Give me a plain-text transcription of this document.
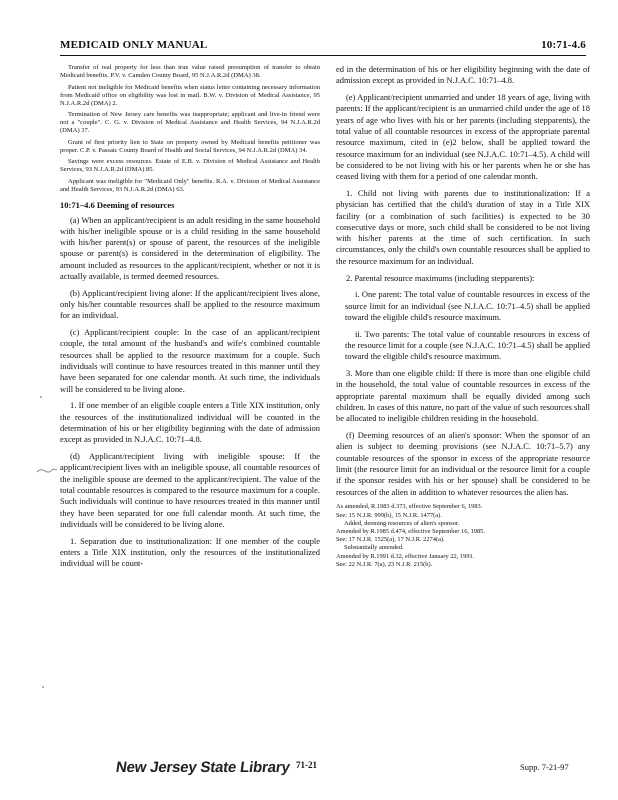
MEDICAID ONLY MANUAL	10:71-4.6

Transfer of real property for less than true value raised presumption of transfer to obtain Medicaid benefits. P.V. v. Camden County Board, 95 N.J.A.R.2d (DMA) 38.

Patient not ineligible for Medicaid benefits when status letter containing necessary information from Medicaid office on eligibility was lost in mail. B.W. v. Division of Medical Assistance, 95 N.J.A.R.2d (DMA) 2.

Termination of New Jersey care benefits was inappropriate; applicant and live-in friend were not a "couple". C. G. v. Division of Medical Assistance and Health Services, 94 N.J.A.R.2d (DMA) 37.

Grant of first priority lien to State on property owned by Medicaid benefits petitioner was proper. C.P. v. Passaic County Board of Health and Social Services, 94 N.J.A.R.2d (DMA) 34.

Savings were excess resources. Estate of E.B. v. Division of Medical Assistance and Health Services, 93 N.J.A.R.2d (DMA) 85.

Applicant was ineligible for "Medicaid Only" benefits. R.A. v. Division of Medical Assistance and Health Services, 93 N.J.A.R.2d (DMA) 63.

10:71–4.6 Deeming of resources

(a) When an applicant/recipient is an adult residing in the same household with his/her ineligible spouse or is a child residing in the same household with his/her parent(s) or spouse of parent, the resources of the ineligible spouse or parent(s) is considered in the determination of eligibility. The amount included as resources to the applicant/recipient, whether or not it is actually available, is termed deemed resources.

(b) Applicant/recipient living alone: If the applicant/recipient lives alone, only his/her countable resources shall be applied to the resource maximum for an individual.

(c) Applicant/recipient couple: In the case of an applicant/recipient couple, the total amount of the husband's and wife's combined countable resources shall be applied to the resource maximum for a couple. Such individuals will continue to have resources treated in this manner until they have been separated for one calendar month. At such time, the individuals will be considered to be living alone.

1. If one member of an eligible couple enters a Title XIX institution, only the resources of the institutionalized individual will be counted in the determination of his or her eligibility beginning with the date of admission except as provided in N.J.A.C. 10:71–4.8.

(d) Applicant/recipient living with ineligible spouse: If the applicant/recipient lives with an ineligible spouse, all countable resources of the ineligible spouse are deemed to the applicant/recipient. The value of the total countable resources is compared to the resource maximum for a couple. Such individuals will continue to have resources treated in this manner until they have been separated for one full calendar month. At such time, the individuals will be considered to be living alone.

1. Separation due to institutionalization: If one member of the couple enters a Title XIX institution, only the resources of the institutionalized individual will be count-

ed in the determination of his or her eligibility beginning with the date of admission except as provided in N.J.A.C. 10:71–4.8.

(e) Applicant/recipient unmarried and under 18 years of age, living with parents: If the applicant/recipient is an unmarried child under the age of 18 years of age who lives with his or her parents (including stepparents), the total value of all countable resources in excess of the appropriate parental resource maximum, cited in (e)2 below, shall be applied toward the resource maximum for an individual (see N.J.A.C. 10:71–4.5). A child will be considered to be not living with his or her parents when he or she has ceased living with them for a period of one calendar month.

1. Child not living with parents due to institutionalization: If a physician has certified that the child's duration of stay in a Title XIX facility (or a combination of such facilities) is expected to be 30 consecutive days or more, such child shall be considered to be not living with his/her parents at the time of such certification. In such circumstances, only the child's own countable resources shall be applied to the resource maximum for an individual.

2. Parental resource maximums (including stepparents):

i. One parent: The total value of countable resources in excess of the source limit for an individual (see N.J.A.C. 10:71–4.5) shall be applied toward the eligible child's resource maximum.

ii. Two parents: The total value of countable resources in excess of the resource limit for a couple (see N.J.A.C. 10:71–4.5) shall be applied toward the eligible child's resource maximum.

3. More than one eligible child: If there is more than one eligible child in the household, the total value of countable resources in excess of the appropriate parental maximum shall be equally divided among such children. In cases of this nature, no part of the value of such resources shall be allocated to ineligible children residing in the household.

(f) Deeming resources of an alien's sponsor: When the sponsor of an alien is subject to deeming provisions (see N.J.A.C. 10:71–5.7) any countable resources of the sponsor in excess of the appropriate resource limit (the resource limit for an individual or the resource limit for a couple if the sponsor resides with his or her spouse) shall be considered to be resources of the alien in addition to whatever resources the alien has.

As amended, R.1983 d.373, effective September 6, 1983.
See: 15 N.J.R. 999(b), 15 N.J.R. 1477(a).
Added, deeming resources of alien's sponsor.
Amended by R.1985 d.474, effective September 16, 1985.
See: 17 N.J.R. 1525(a), 17 N.J.R. 2274(a).
Substantially amended.
Amended by R.1991 d.32, effective January 22, 1991.
See: 22 N.J.R. 7(a), 23 N.J.R. 215(b).
New Jersey State Library 71-21	Supp. 7-21-97
